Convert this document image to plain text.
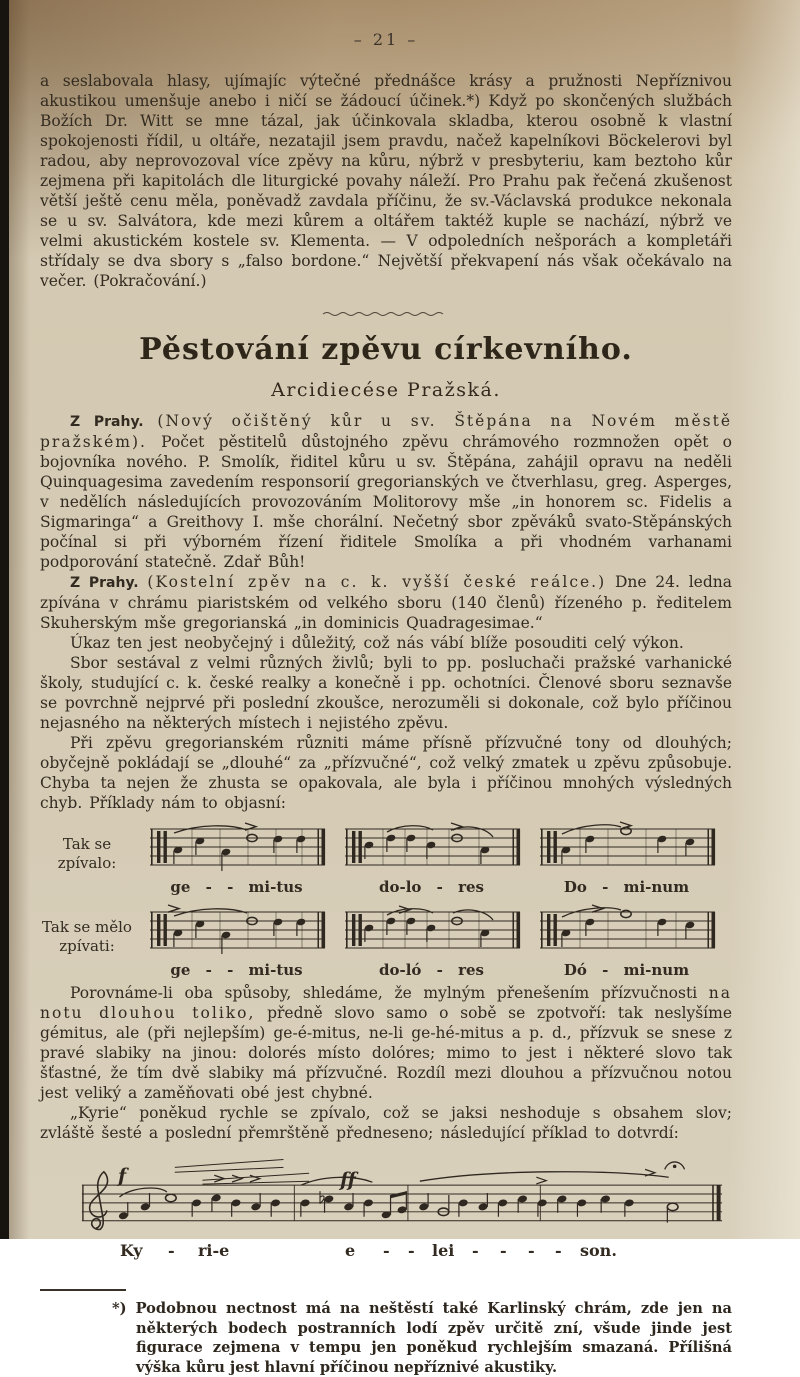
– 21 –

a seslabovala hlasy, ujímajíc výtečné přednášce krásy a pružnosti Nepříznivou akustikou umenšuje anebo i ničí se žádoucí účinek.*) Když po skončených službách Božích Dr. Witt se mne tázal, jak účinkovala skladba, kterou osobně k vlastní spokojenosti řídil, u oltáře, nezatajil jsem pravdu, načež kapelníkovi Böckelerovi byl radou, aby neprovozoval více zpěvy na kůru, nýbrž v presbyteriu, kam beztoho kůr zejmena při kapitolách dle liturgické povahy náleží. Pro Prahu pak řečená zkušenost větší ještě cenu měla, poněvadž zavdala příčinu, že sv.-Václavská produkce nekonala se u sv. Salvátora, kde mezi kůrem a oltářem taktéž kuple se nachází, nýbrž ve velmi akustickém kostele sv. Klementa. — V odpoledních nešporách a kompletáři střídaly se dva sbory s „falso bordone.“ Největší překvapení nás však očekávalo na večer. (Pokračování.)

Pěstování zpěvu církevního.
Arcidiecése Pražská.

Z Prahy. (Nový očištěný kůr u sv. Štěpána na Novém městě pražském). Počet pěstitelů důstojného zpěvu chrámového rozmnožen opět o bojovníka nového. P. Smolík, řiditel kůru u sv. Štěpána, zahájil opravu na neděli Quinquagesima zavedením responsorií gregorianských ve čtverhlasu, greg. Asperges, v nedělích následujících provozováním Molitorovy mše „in honorem sc. Fidelis a Sigmaringa“ a Greithovy I. mše chorální. Nečetný sbor zpěváků svato-Stěpánských počínal si při výborném řízení řiditele Smolíka a při vhodném varhanami podporování statečně. Zdař Bůh!

Z Prahy. (Kostelní zpěv na c. k. vyšší české reálce.) Dne 24. ledna zpívána v chrámu piaristském od velkého sboru (140 členů) řízeného p. ředitelem Skuherským mše gregorianská „in dominicis Quadragesimae.“

Úkaz ten jest neobyčejný i důležitý, což nás vábí blíže posouditi celý výkon.

Sbor sestával z velmi různých živlů; byli to pp. posluchači pražské varhanické školy, studující c. k. české realky a konečně i pp. ochotníci. Členové sboru seznavše se povrchně nejprvé při poslední zkoušce, nerozuměli si dokonale, což bylo příčinou nejasného na některých místech i nejistého zpěvu.

Při zpěvu gregorianském různiti máme přísně přízvučné tony od dlouhých; obyčejně pokládají se „dlouhé“ za „přízvučné“, což velký zmatek u zpěvu způsobuje. Chyba ta nejen že zhusta se opakovala, ale byla i příčinou mnohých výsledných chyb. Příklady nám to objasní:

Tak se
zpívalo:
ge - - mi-tus	do-lo - res	Do - mi-num
Tak se mělo
zpívati:
ge - - mi-tus	do-ló - res	Dó - mi-num

Porovnáme-li oba spůsoby, shledáme, že mylným přenešením přízvučnosti na notu dlouhou toliko, předně slovo samo o sobě se zpotvoří: tak neslyšíme gémitus, ale (při nejlepším) ge-é-mitus, ne-li ge-hé-mitus a p. d., přízvuk se snese z pravé slabiky na jinou: dolorés místo dolóres; mimo to jest i některé slovo tak šťastné, že tím dvě slabiky má přízvučné. Rozdíl mezi dlouhou a přízvučnou notou jest veliký a zaměňovati obé jest chybné.

„Kyrie“ poněkud rychle se zpívalo, což se jaksi neshoduje s obsahem slov; zvláště šesté a poslední přemrštěně předneseno; následující příklad to dotvrdí:

f	ff
Ky - ri-e	e - - lei - - - - son.

*) Podobnou nectnost má na neštěstí také Karlinský chrám, zde jen na některých bodech postranních lodí zpěv určitě zní, všude jinde jest figurace zejmena v tempu jen poněkud rychlejším smazaná. Přílišná výška kůru jest hlavní příčinou nepříznivé akustiky.
